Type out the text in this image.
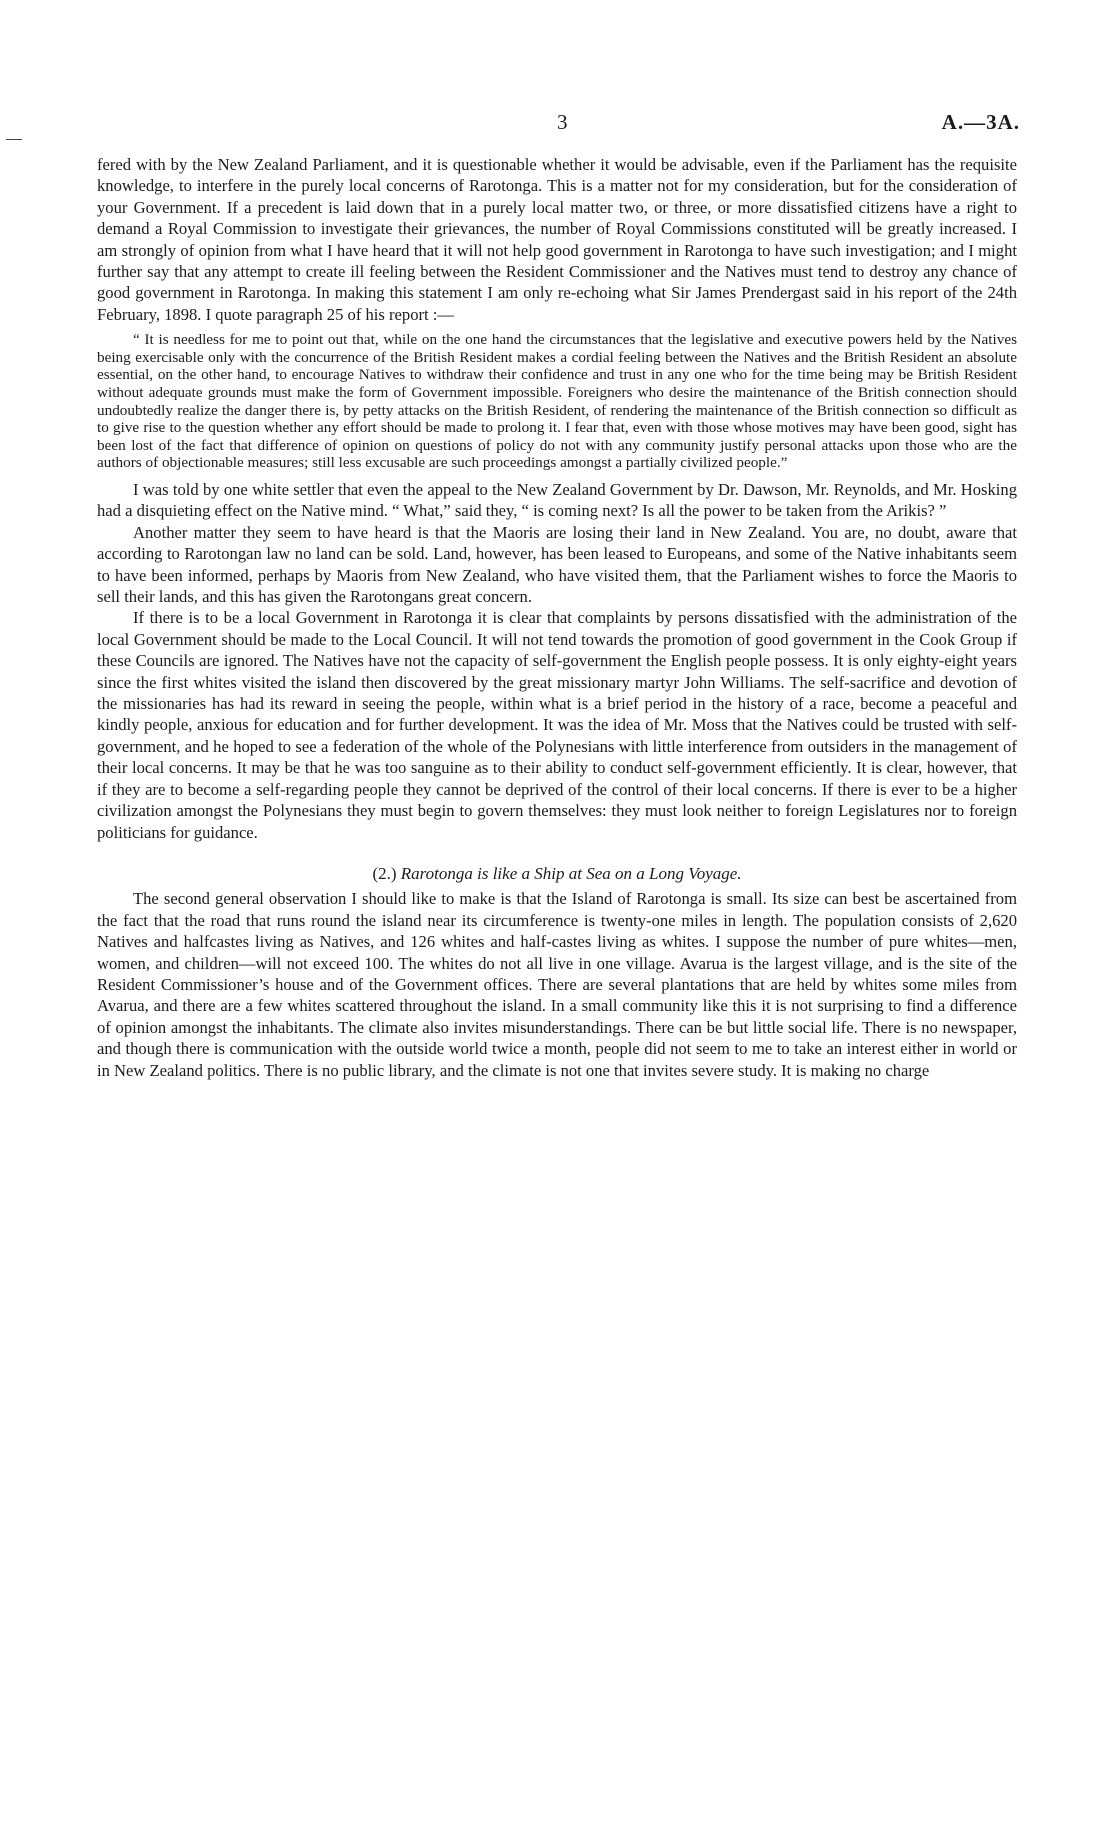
3	A.—3A.

fered with by the New Zealand Parliament, and it is questionable whether it would be advisable, even if the Parliament has the requisite knowledge, to interfere in the purely local concerns of Rarotonga. This is a matter not for my consideration, but for the consideration of your Government. If a precedent is laid down that in a purely local matter two, or three, or more dissatisfied citizens have a right to demand a Royal Commission to investigate their grievances, the number of Royal Commissions constituted will be greatly increased. I am strongly of opinion from what I have heard that it will not help good government in Rarotonga to have such investigation; and I might further say that any attempt to create ill feeling between the Resident Commissioner and the Natives must tend to destroy any chance of good government in Rarotonga. In making this statement I am only re-echoing what Sir James Prendergast said in his report of the 24th February, 1898. I quote paragraph 25 of his report :—

“ It is needless for me to point out that, while on the one hand the circumstances that the legislative and executive powers held by the Natives being exercisable only with the concurrence of the British Resident makes a cordial feeling between the Natives and the British Resident an absolute essential, on the other hand, to encourage Natives to withdraw their confidence and trust in any one who for the time being may be British Resident without adequate grounds must make the form of Government impossible. Foreigners who desire the maintenance of the British connection should undoubtedly realize the danger there is, by petty attacks on the British Resident, of rendering the maintenance of the British connection so difficult as to give rise to the question whether any effort should be made to prolong it. I fear that, even with those whose motives may have been good, sight has been lost of the fact that difference of opinion on questions of policy do not with any community justify personal attacks upon those who are the authors of objectionable measures; still less excusable are such proceedings amongst a partially civilized people.”

I was told by one white settler that even the appeal to the New Zealand Government by Dr. Dawson, Mr. Reynolds, and Mr. Hosking had a disquieting effect on the Native mind. “ What,” said they, “ is coming next? Is all the power to be taken from the Arikis? ”

Another matter they seem to have heard is that the Maoris are losing their land in New Zealand. You are, no doubt, aware that according to Rarotongan law no land can be sold. Land, however, has been leased to Europeans, and some of the Native inhabitants seem to have been informed, perhaps by Maoris from New Zealand, who have visited them, that the Parliament wishes to force the Maoris to sell their lands, and this has given the Rarotongans great concern.

If there is to be a local Government in Rarotonga it is clear that complaints by persons dissatisfied with the administration of the local Government should be made to the Local Council. It will not tend towards the promotion of good government in the Cook Group if these Councils are ignored. The Natives have not the capacity of self-government the English people possess. It is only eighty-eight years since the first whites visited the island then discovered by the great missionary martyr John Williams. The self-sacrifice and devotion of the missionaries has had its reward in seeing the people, within what is a brief period in the history of a race, become a peaceful and kindly people, anxious for education and for further development. It was the idea of Mr. Moss that the Natives could be trusted with self-government, and he hoped to see a federation of the whole of the Polynesians with little interference from outsiders in the management of their local concerns. It may be that he was too sanguine as to their ability to conduct self-government efficiently. It is clear, however, that if they are to become a self-regarding people they cannot be deprived of the control of their local concerns. If there is ever to be a higher civilization amongst the Polynesians they must begin to govern themselves: they must look neither to foreign Legislatures nor to foreign politicians for guidance.

(2.) Rarotonga is like a Ship at Sea on a Long Voyage.

The second general observation I should like to make is that the Island of Rarotonga is small. Its size can best be ascertained from the fact that the road that runs round the island near its circumference is twenty-one miles in length. The population consists of 2,620 Natives and halfcastes living as Natives, and 126 whites and half-castes living as whites. I suppose the number of pure whites—men, women, and children—will not exceed 100. The whites do not all live in one village. Avarua is the largest village, and is the site of the Resident Commissioner’s house and of the Government offices. There are several plantations that are held by whites some miles from Avarua, and there are a few whites scattered throughout the island. In a small community like this it is not surprising to find a difference of opinion amongst the inhabitants. The climate also invites misunderstandings. There can be but little social life. There is no newspaper, and though there is communication with the outside world twice a month, people did not seem to me to take an interest either in world or in New Zealand politics. There is no public library, and the climate is not one that invites severe study. It is making no charge
